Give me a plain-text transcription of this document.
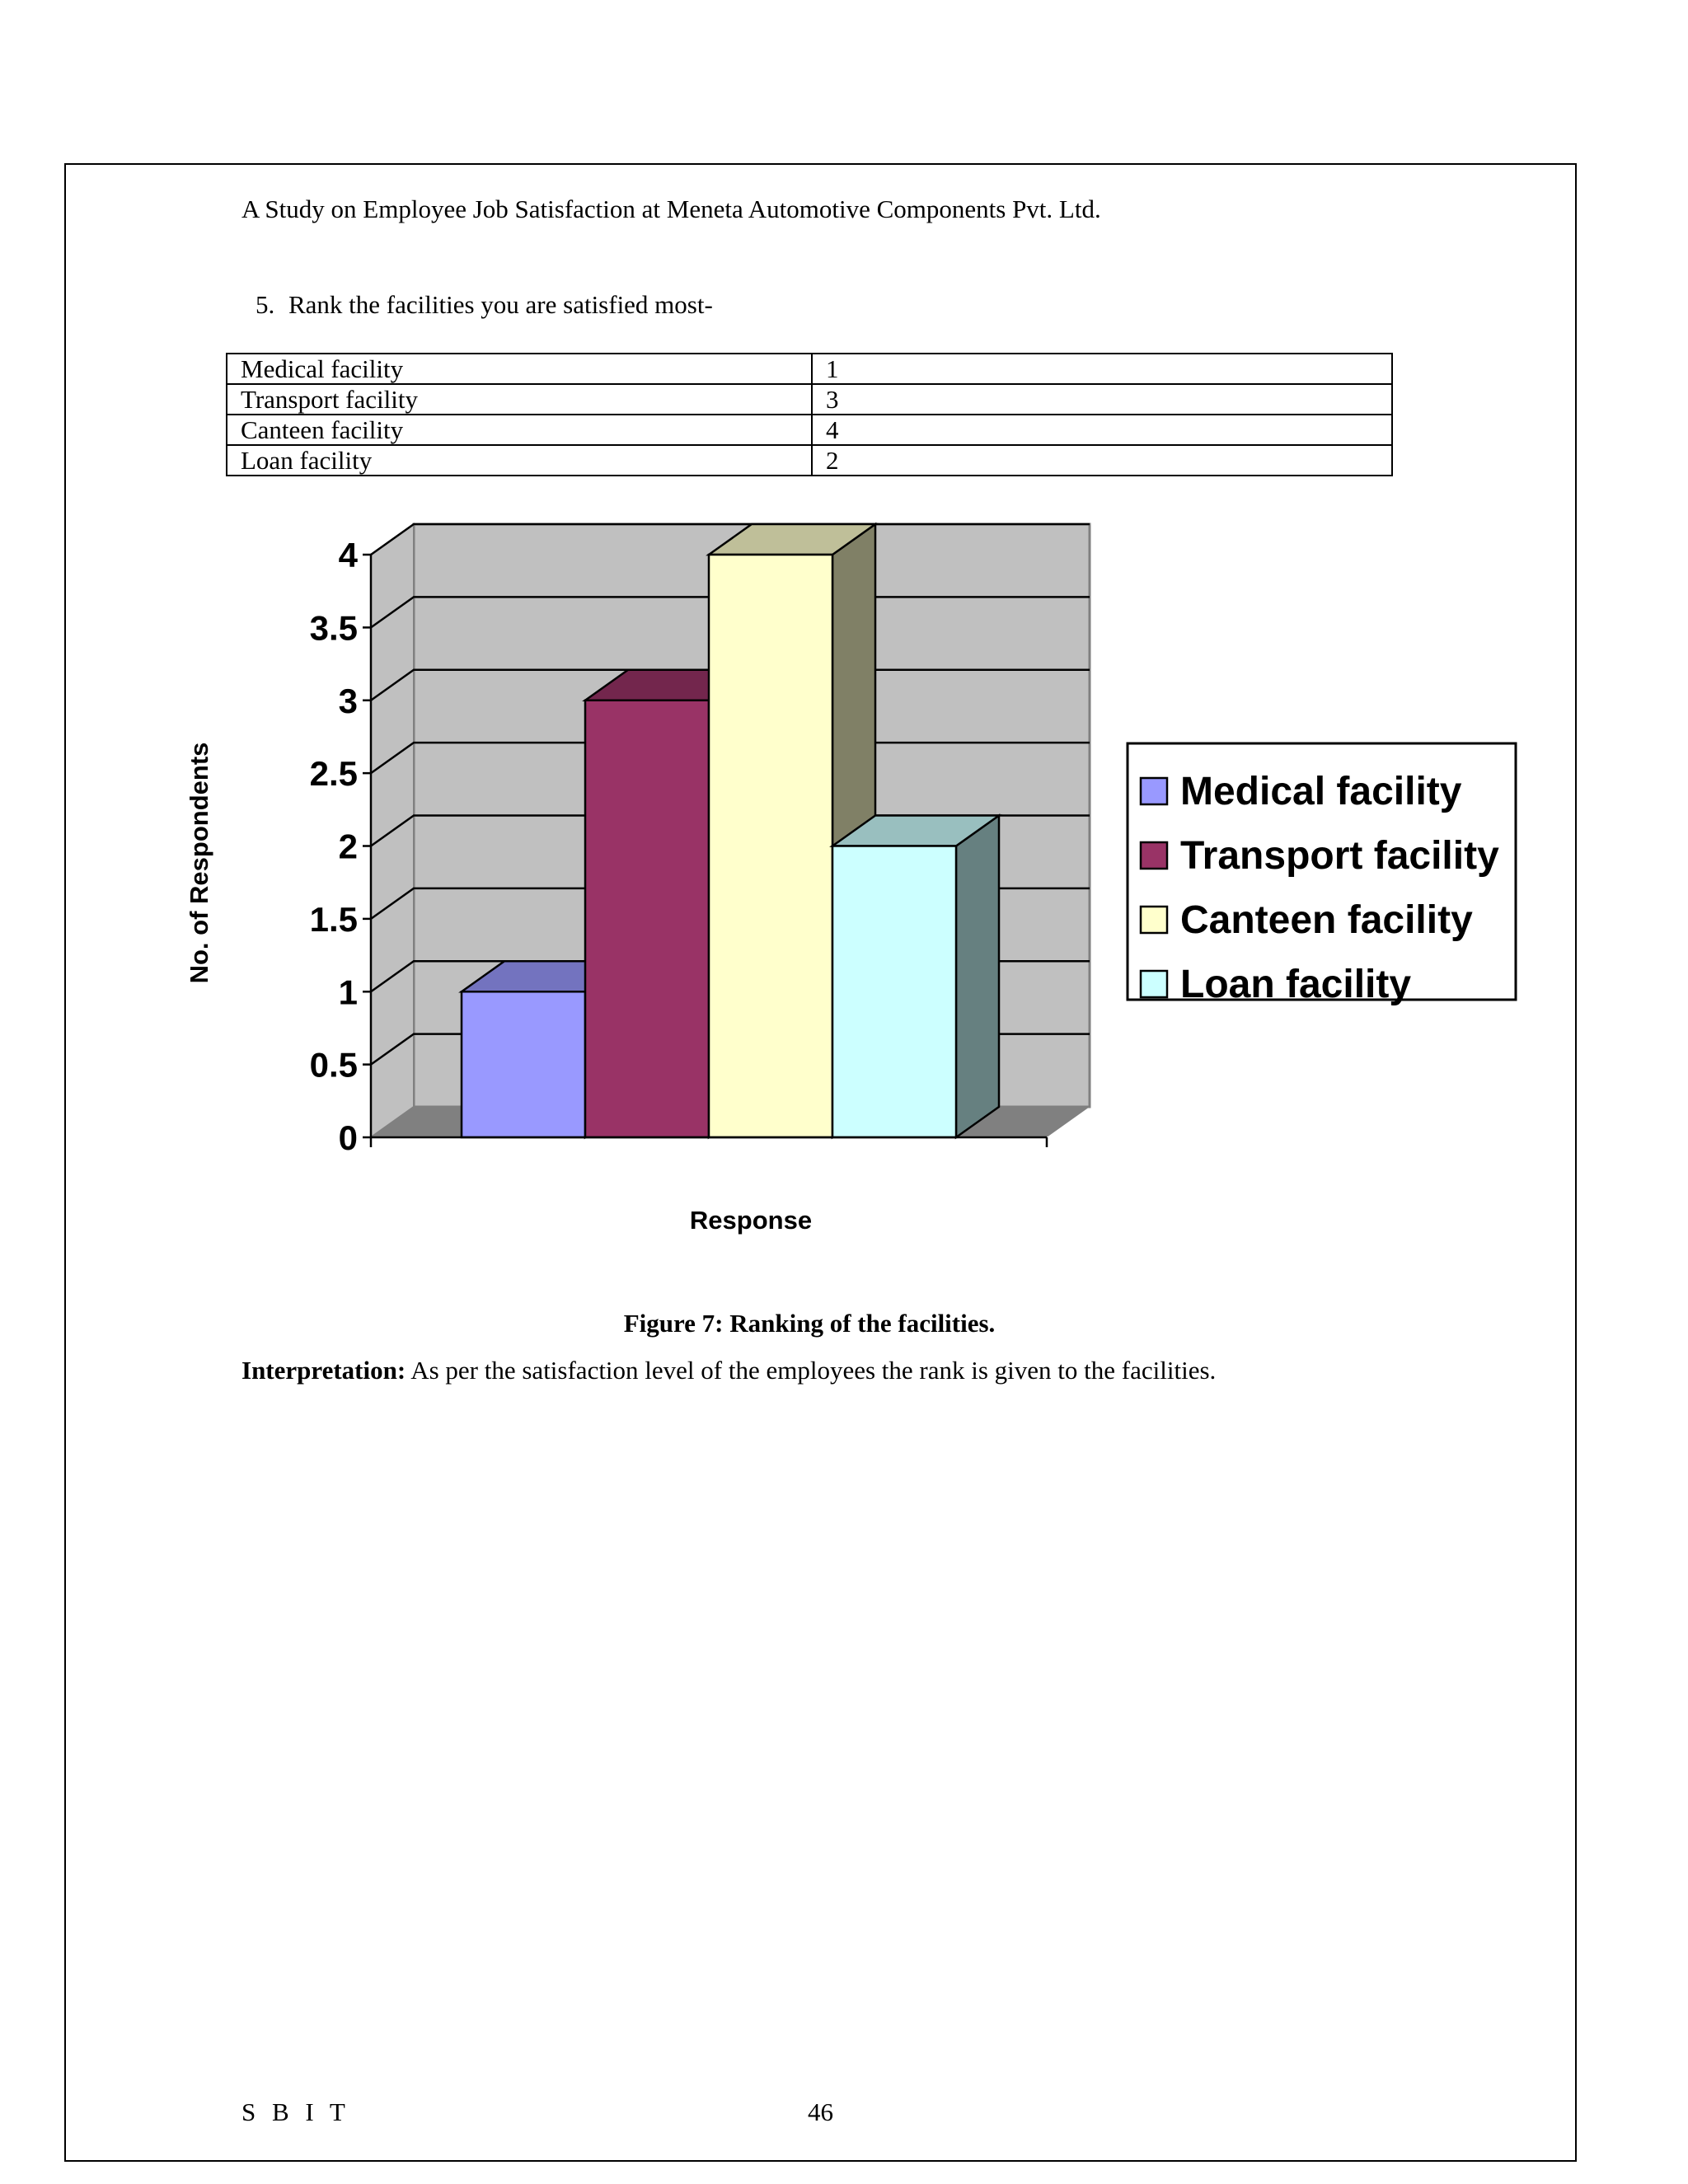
A Study on Employee Job Satisfaction at Meneta Automotive Components Pvt. Ltd.
5. Rank the facilities you are satisfied most-
Medical facility	1
Transport facility	3
Canteen facility	4
Loan facility	2
0
0.5
1
1.5
2
2.5
3
3.5
4
No. of Respondents
Response
Medical facility
Transport facility
Canteen facility
Loan facility
Figure 7: Ranking of the facilities.
Interpretation: As per the satisfaction level of the employees the rank is given to the facilities.
S B I T	46
